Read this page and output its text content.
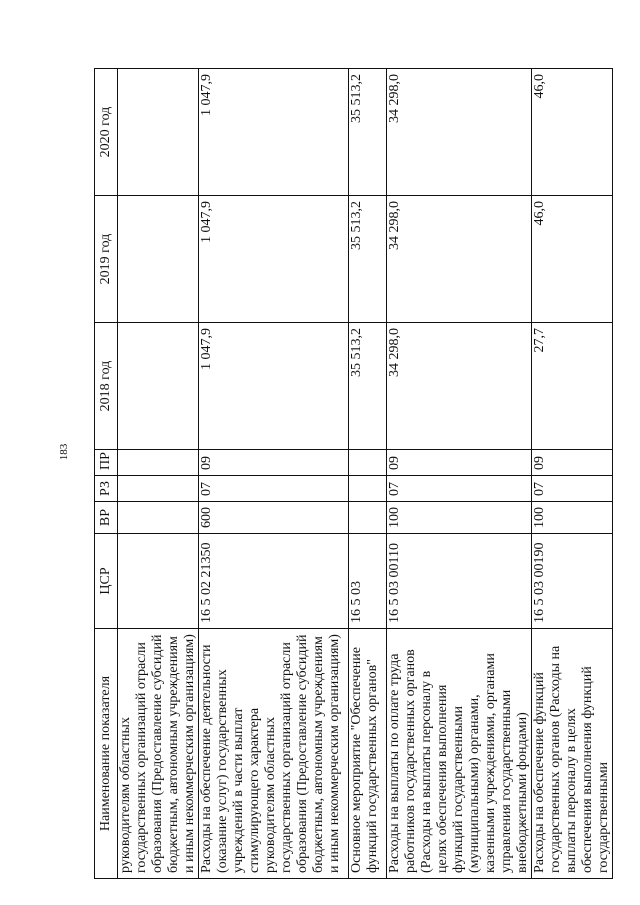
183
Наименование показателя	ЦСР	ВР	РЗ	ПР	2018 год	2019 год	2020 год
руководителям областных государственных организаций отрасли образования (Предоставление субсидий бюджетным, автономным учреждениям и иным некоммерческим организациям)							
Расходы на обеспечение деятельности (оказание услуг) государственных учреждений в части выплат стимулирующего характера руководителям областных государственных организаций отрасли образования (Предоставление субсидий бюджетным, автономным учреждениям и иным некоммерческим организациям)	16 5 02 21350	600	07	09	1 047,9	1 047,9	1 047,9
Основное мероприятие "Обеспечение функций государственных органов"	16 5 03				35 513,2	35 513,2	35 513,2
Расходы на выплаты по оплате труда работников государственных органов (Расходы на выплаты персоналу в целях обеспечения выполнения функций государственными (муниципальными) органами, казенными учреждениями, органами управления государственными внебюджетными фондами)	16 5 03 00110	100	07	09	34 298,0	34 298,0	34 298,0
Расходы на обеспечение функций государственных органов (Расходы на выплаты персоналу в целях обеспечения выполнения функций государственными	16 5 03 00190	100	07	09	27,7	46,0	46,0
